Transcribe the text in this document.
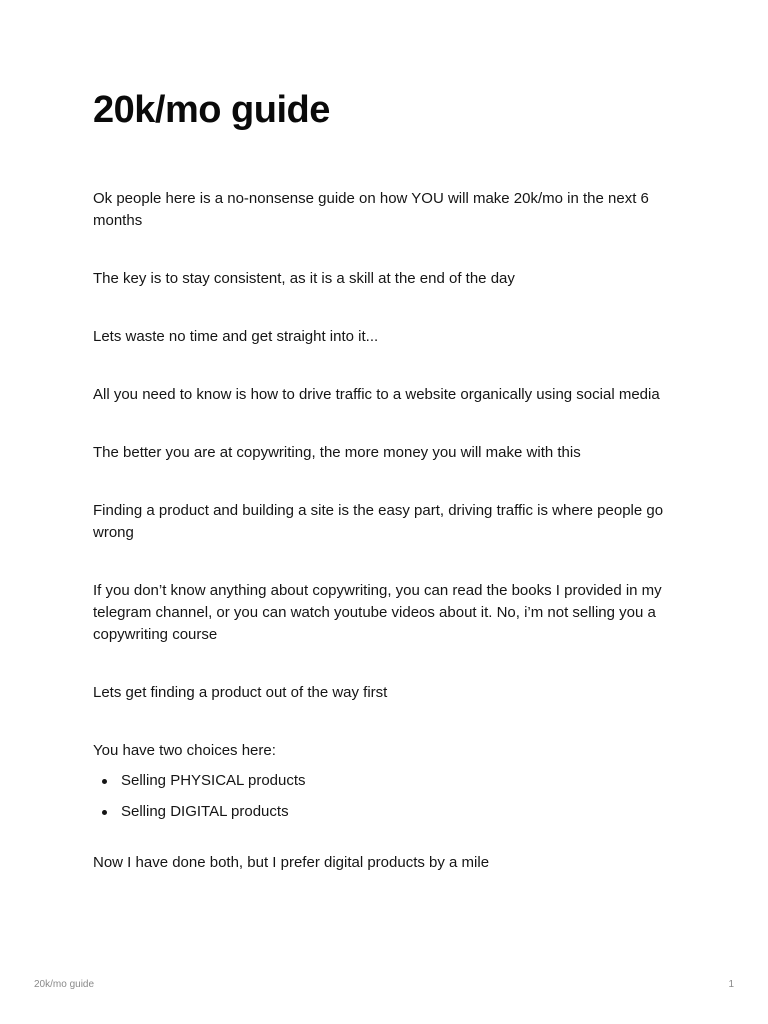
20k/mo guide

Ok people here is a no-nonsense guide on how YOU will make 20k/mo in the next 6 months

The key is to stay consistent, as it is a skill at the end of the day

Lets waste no time and get straight into it...

All you need to know is how to drive traffic to a website organically using social media

The better you are at copywriting, the more money you will make with this

Finding a product and building a site is the easy part, driving traffic is where people go wrong

If you don’t know anything about copywriting, you can read the books I provided in my telegram channel, or you can watch youtube videos about it. No, i’m not selling you a copywriting course

Lets get finding a product out of the way first

You have two choices here:

Selling PHYSICAL products
Selling DIGITAL products

Now I have done both, but I prefer digital products by a mile

20k/mo guide	1
